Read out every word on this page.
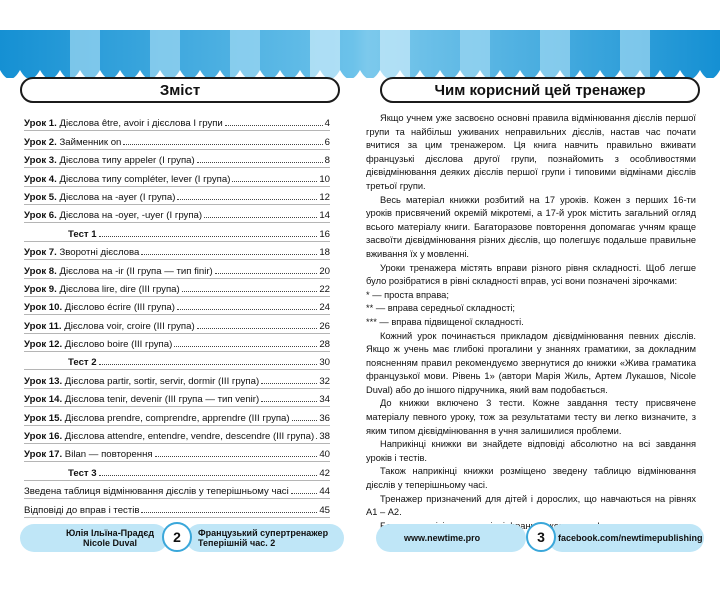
Зміст
Урок 1. Дієслова être, avoir і дієслова I групи	4
Урок 2. Займенник on	6
Урок 3. Дієслова типу appeler (I група)	8
Урок 4. Дієслова типу compléter, lever (I група)	10
Урок 5. Дієслова на -ayer (I група)	12
Урок 6. Дієслова на -oyer, -uyer (I група)	14
Тест 1	16
Урок 7. Зворотні дієслова	18
Урок 8. Дієслова на -ir (II група — тип finir)	20
Урок 9. Дієслова lire, dire (III група)	22
Урок 10. Дієслово écrire (III група)	24
Урок 11. Дієслова voir, croire (III група)	26
Урок 12. Дієслово boire (III група)	28
Тест 2	30
Урок 13. Дієслова partir, sortir, servir, dormir (III група)	32
Урок 14. Дієслова tenir, devenir (III група — тип venir)	34
Урок 15. Дієслова prendre, comprendre, apprendre (III група)	36
Урок 16. Дієслова attendre, entendre, vendre, descendre (III група) 38
Урок 17. Bilan — повторення	40
Тест 3	42
Зведена таблиця відмінювання дієслів у теперішньому часі	44
Відповіді до вправ і тестів	45
Чим корисний цей тренажер

Якщо учнем уже засвоєно основні правила відмінювання дієслів першої групи та найбільш уживаних неправильних дієслів, настав час почати вчитися за цим тренажером. Ця книга навчить правильно вживати французькі дієслова другої групи, познайомить з особливостями дієвідмінювання деяких дієслів першої групи і типовими відмінами дієслів третьої групи.

Весь матеріал книжки розбитий на 17 уроків. Кожен з перших 16-ти уроків присвячений окремій мікротемі, а 17-й урок містить загальний огляд всього матеріалу книги. Багаторазове повторення допомагає учням краще засвоїти дієвідмінювання різних дієслів, що полегшує подальше правильне вживання їх у мовленні.

Уроки тренажера містять вправи різного рівня складності. Щоб легше було розібратися в рівні складності вправ, усі вони позначені зірочками:

* — проста вправа;

** — вправа середньої складності;

*** — вправа підвищеної складності.

Кожний урок починається прикладом дієвідмінювання певних дієслів. Якщо ж учень має глибокі прогалини у знаннях граматики, за докладним поясненням правил рекомендуємо звернутися до книжки «Жива граматика французької мови. Рівень 1» (автори Марія Жиль, Артем Лукашов, Nicole Duval) або до іншого підручника, який вам подобається.

До книжки включено 3 тести. Кожне завдання тесту присвячене матеріалу певного уроку, тож за результатами тесту ви легко визначите, з яким типом дієвідмінювання в учня залишилися проблеми.

Наприкінці книжки ви знайдете відповіді абсолютно на всі завдання уроків і тестів.

Також наприкінці книжки розміщено зведену таблицю відмінювання дієслів у теперішньому часі.

Тренажер призначений для дітей і дорослих, що навчаються на рівнях А1 – А2.

Юлія Ільїна-Прадєд
Nicole Duval	2	Французький супертренажер
Теперішній час. 2	www.newtime.pro	3	facebook.com/newtimepublishing
